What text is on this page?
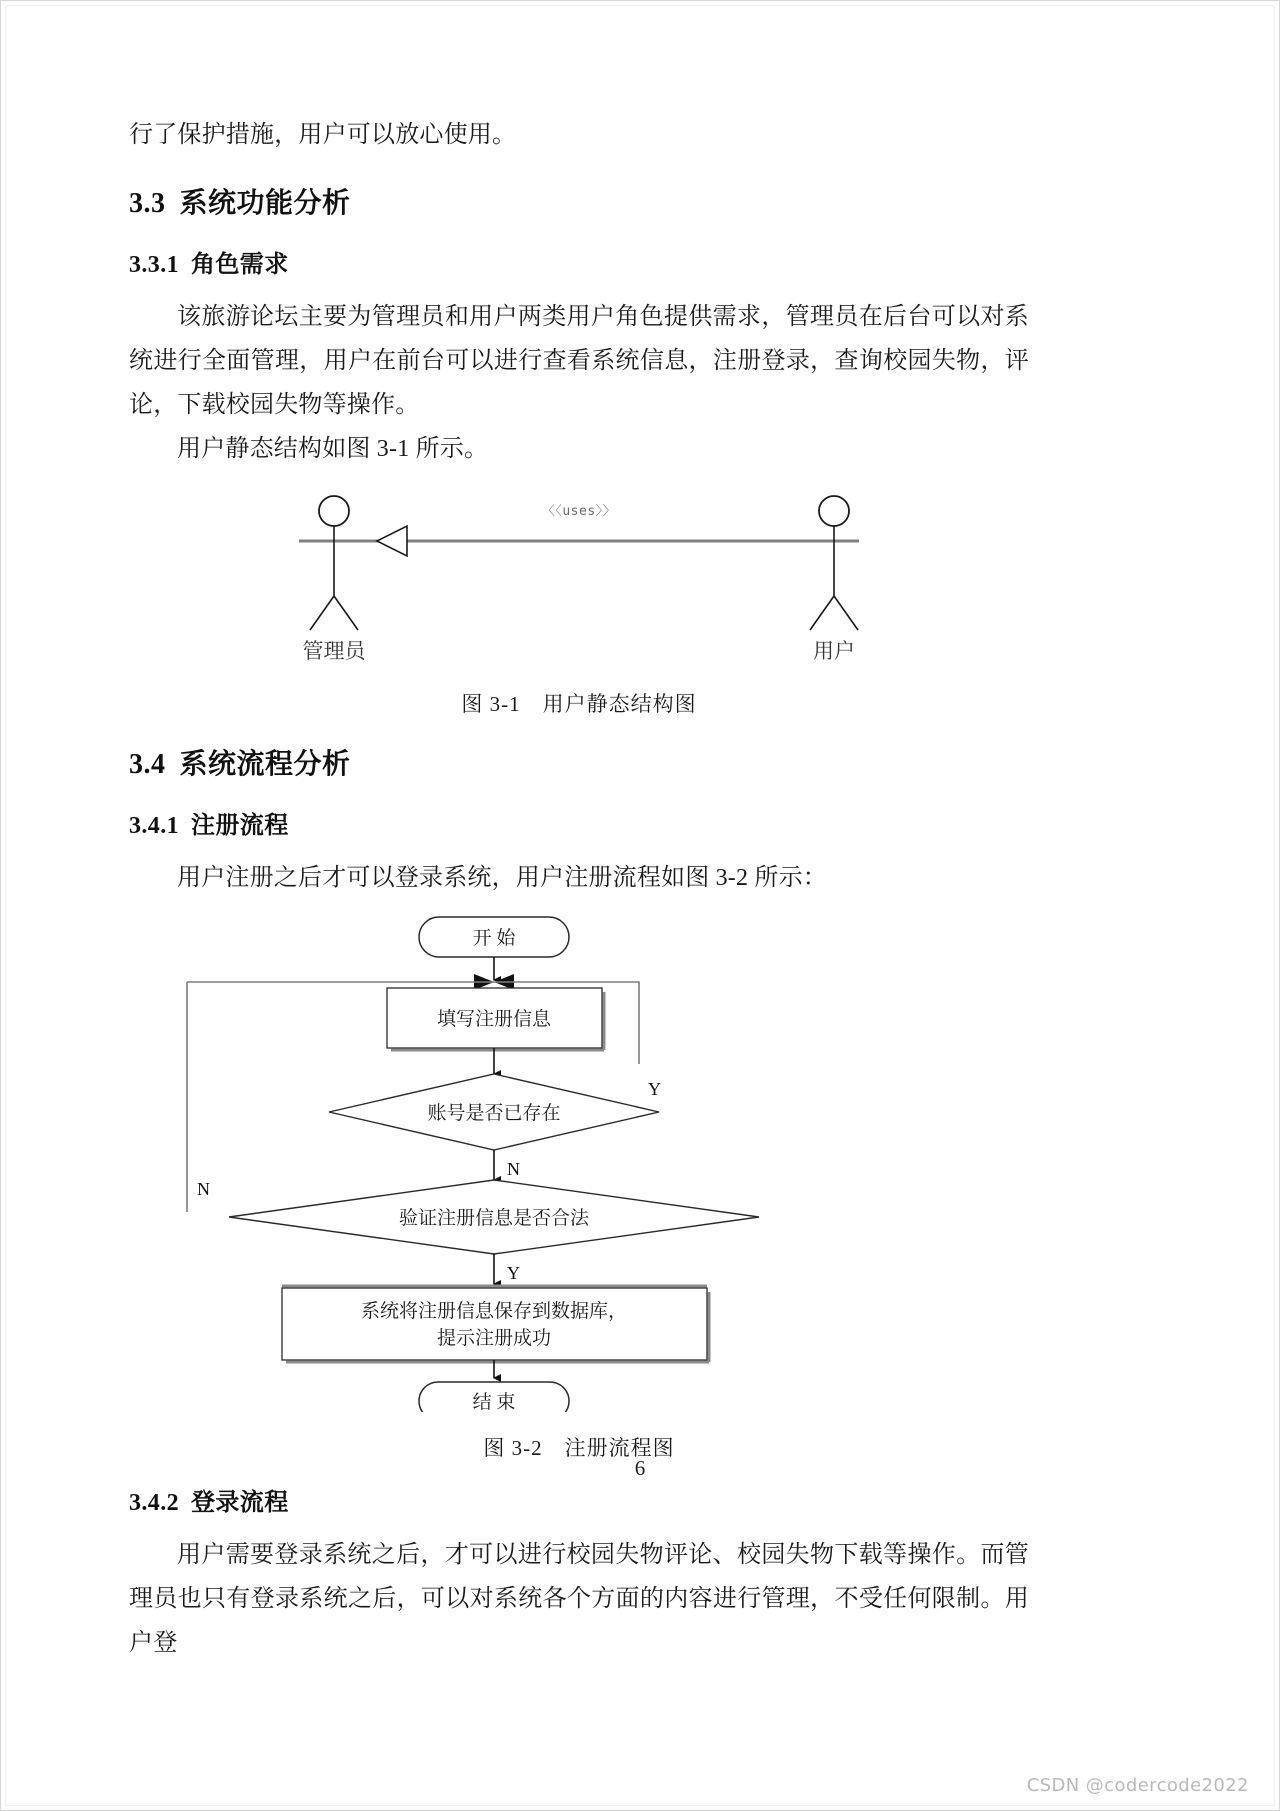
行了保护措施，用户可以放心使用。

3.3 系统功能分析
3.3.1 角色需求

该旅游论坛主要为管理员和用户两类用户角色提供需求，管理员在后台可以对系统进行全面管理，用户在前台可以进行查看系统信息，注册登录，查询校园失物，评论，下载校园失物等操作。

用户静态结构如图 3-1 所示。

〈〈uses〉〉
管理员	用户

图 3-1 用户静态结构图

3.4 系统流程分析
3.4.1 注册流程

用户注册之后才可以登录系统，用户注册流程如图 3-2 所示：

开 始
填写注册信息
账号是否已存在
Y
N
验证注册信息是否合法
N
Y
系统将注册信息保存到数据库，
提示注册成功
结 束

图 3-2 注册流程图

3.4.2 登录流程

用户需要登录系统之后，才可以进行校园失物评论、校园失物下载等操作。而管理员也只有登录系统之后，可以对系统各个方面的内容进行管理，不受任何限制。用户登

6
CSDN @codercode2022
